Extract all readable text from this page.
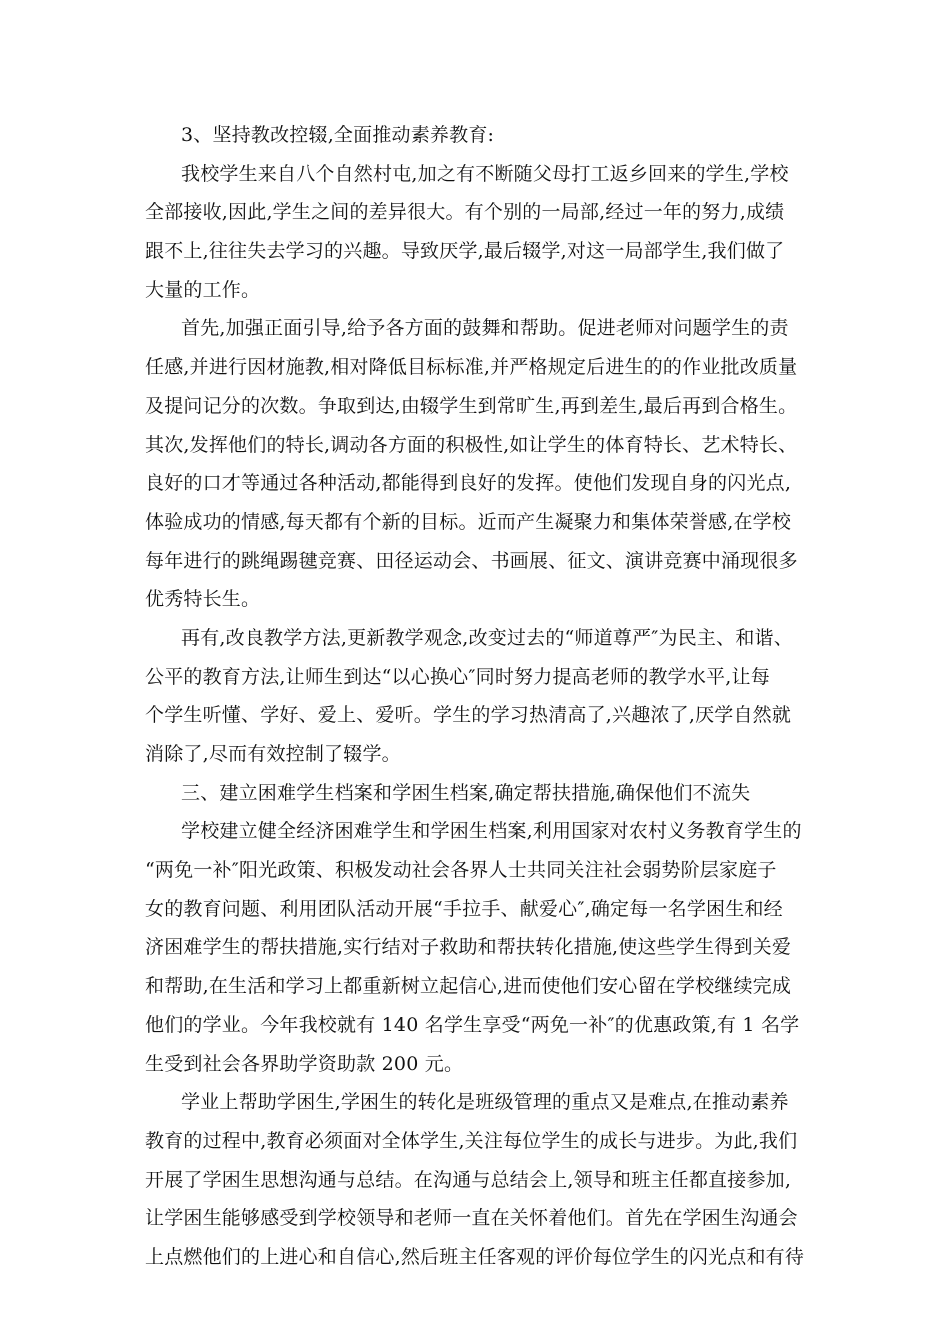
3、坚持教改控辍,全面推动素养教育:
我校学生来自八个自然村屯,加之有不断随父母打工返乡回来的学生,学校
全部接收,因此,学生之间的差异很大。有个别的一局部,经过一年的努力,成绩
跟不上,往往失去学习的兴趣。导致厌学,最后辍学,对这一局部学生,我们做了
大量的工作。
首先,加强正面引导,给予各方面的鼓舞和帮助。促进老师对问题学生的责
任感,并进行因材施教,相对降低目标标准,并严格规定后进生的的作业批改质量
及提问记分的次数。争取到达,由辍学生到常旷生,再到差生,最后再到合格生。
其次,发挥他们的特长,调动各方面的积极性,如让学生的体育特长、艺术特长、
良好的口才等通过各种活动,都能得到良好的发挥。使他们发现自身的闪光点,
体验成功的情感,每天都有个新的目标。近而产生凝聚力和集体荣誉感,在学校
每年进行的跳绳踢毽竞赛、田径运动会、书画展、征文、演讲竞赛中涌现很多
优秀特长生。
再有,改良教学方法,更新教学观念,改变过去的“师道尊严″为民主、和谐、
公平的教育方法,让师生到达“以心换心″同时努力提高老师的教学水平,让每
个学生听懂、学好、爱上、爱听。学生的学习热清高了,兴趣浓了,厌学自然就
消除了,尽而有效控制了辍学。
三、建立困难学生档案和学困生档案,确定帮扶措施,确保他们不流失
学校建立健全经济困难学生和学困生档案,利用国家对农村义务教育学生的
“两免一补″阳光政策、积极发动社会各界人士共同关注社会弱势阶层家庭子
女的教育问题、利用团队活动开展“手拉手、献爱心″,确定每一名学困生和经
济困难学生的帮扶措施,实行结对子救助和帮扶转化措施,使这些学生得到关爱
和帮助,在生活和学习上都重新树立起信心,进而使他们安心留在学校继续完成
他们的学业。今年我校就有 140 名学生享受“两免一补″的优惠政策,有 1 名学
生受到社会各界助学资助款 200 元。
学业上帮助学困生,学困生的转化是班级管理的重点又是难点,在推动素养
教育的过程中,教育必须面对全体学生,关注每位学生的成长与进步。为此,我们
开展了学困生思想沟通与总结。在沟通与总结会上,领导和班主任都直接参加,
让学困生能够感受到学校领导和老师一直在关怀着他们。首先在学困生沟通会
上点燃他们的上进心和自信心,然后班主任客观的评价每位学生的闪光点和有待
